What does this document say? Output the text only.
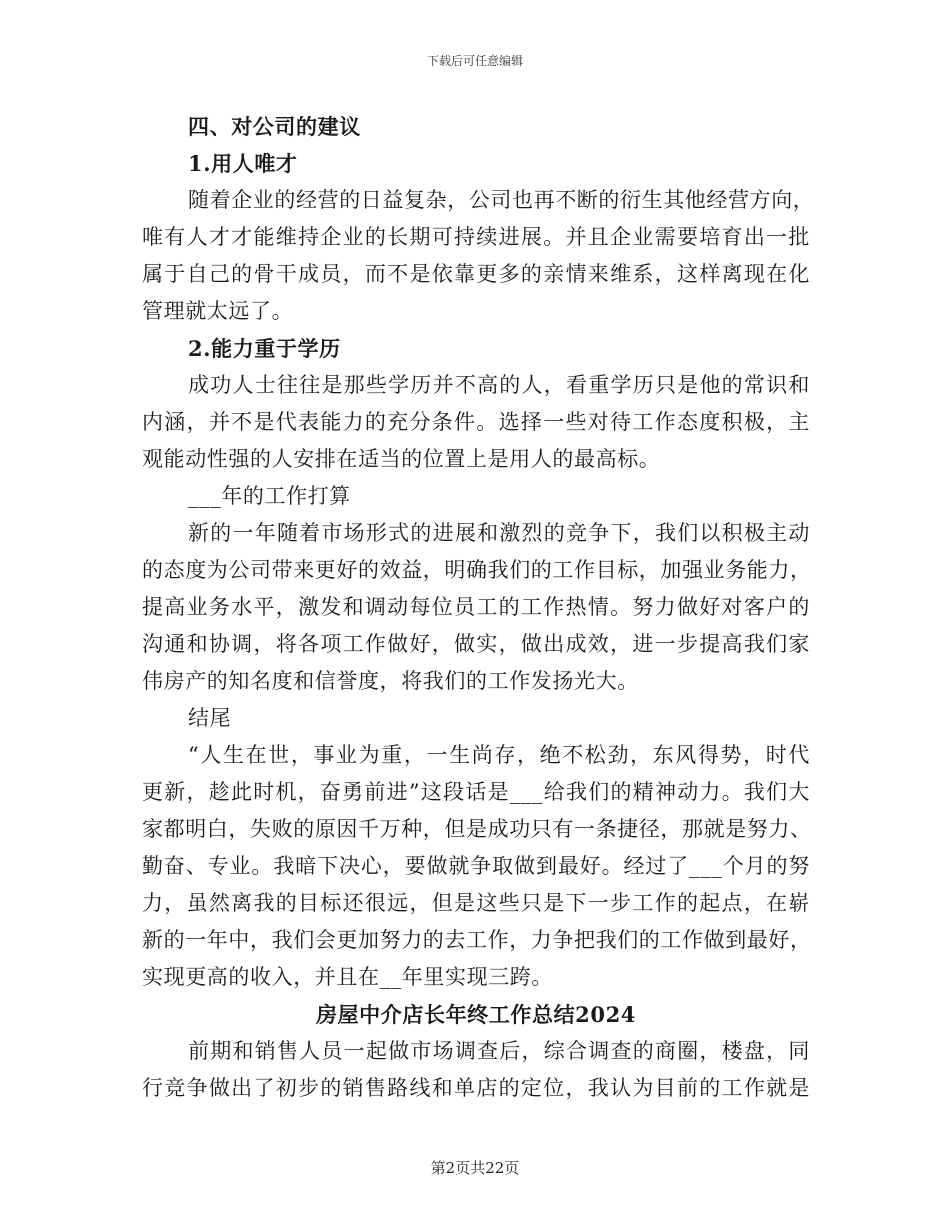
下载后可任意编辑
四、对公司的建议
1.用人唯才
随着企业的经营的日益复杂，公司也再不断的衍生其他经营方向，
唯有人才才能维持企业的长期可持续进展。并且企业需要培育出一批
属于自己的骨干成员，而不是依靠更多的亲情来维系，这样离现在化
管理就太远了。
2.能力重于学历
成功人士往往是那些学历并不高的人，看重学历只是他的常识和
内涵，并不是代表能力的充分条件。选择一些对待工作态度积极，主
观能动性强的人安排在适当的位置上是用人的最高标。
___年的工作打算
新的一年随着市场形式的进展和激烈的竞争下，我们以积极主动
的态度为公司带来更好的效益，明确我们的工作目标，加强业务能力，
提高业务水平，激发和调动每位员工的工作热情。努力做好对客户的
沟通和协调，将各项工作做好，做实，做出成效，进一步提高我们家
伟房产的知名度和信誉度，将我们的工作发扬光大。
结尾
“人生在世，事业为重，一生尚存，绝不松劲，东风得势，时代
更新，趁此时机，奋勇前进”这段话是___给我们的精神动力。我们大
家都明白，失败的原因千万种，但是成功只有一条捷径，那就是努力、
勤奋、专业。我暗下决心，要做就争取做到最好。经过了___个月的努
力，虽然离我的目标还很远，但是这些只是下一步工作的起点，在崭
新的一年中，我们会更加努力的去工作，力争把我们的工作做到最好，
实现更高的收入，并且在__年里实现三跨。
房屋中介店长年终工作总结2024
前期和销售人员一起做市场调查后，综合调查的商圈，楼盘，同
行竞争做出了初步的销售路线和单店的定位，我认为目前的工作就是
第2页共22页
